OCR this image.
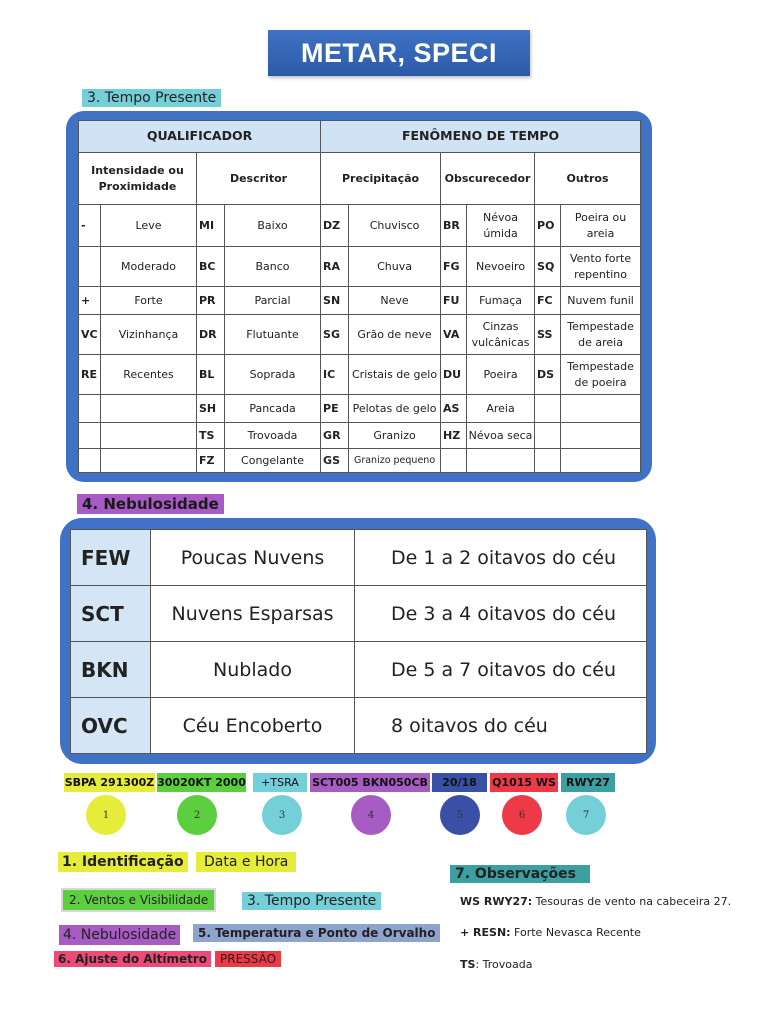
METAR, SPECI
3. Tempo Presente
QUALIFICADOR				FENÔMENO DE TEMPO					
Intensidade ou Proximidade		Descritor		Precipitação		Obscurecedor		Outros	
-	Leve	MI	Baixo	DZ	Chuvisco	BR	Névoa úmida	PO	Poeira ou areia
	Moderado	BC	Banco	RA	Chuva	FG	Nevoeiro	SQ	Vento forte repentino
+	Forte	PR	Parcial	SN	Neve	FU	Fumaça	FC	Nuvem funil
VC	Vizinhança	DR	Flutuante	SG	Grão de neve	VA	Cinzas vulcânicas	SS	Tempestade de areia
RE	Recentes	BL	Soprada	IC	Cristais de gelo	DU	Poeira	DS	Tempestade de poeira
		SH	Pancada	PE	Pelotas de gelo	AS	Areia		
		TS	Trovoada	GR	Granizo	HZ	Névoa seca		
		FZ	Congelante	GS	Granizo pequeno				
4. Nebulosidade
FEW	Poucas Nuvens	De 1 a 2 oitavos do céu
SCT	Nuvens Esparsas	De 3 a 4 oitavos do céu
BKN	Nublado	De 5 a 7 oitavos do céu
OVC	Céu Encoberto	8 oitavos do céu
SBPA 291300Z 30020KT 2000	+TSRA	SCT005 BKN050CB	20/18	Q1015 WS RWY27
1	2	3	4	5	6	7
1. Identificação	Data e Hora
2. Ventos e Visibilidade	3. Tempo Presente
4. Nebulosidade	5. Temperatura e Ponto de Orvalho
6. Ajuste do Altímetro	PRESSÃO
7. Observações
WS RWY27: Tesouras de vento na cabeceira 27.
+ RESN: Forte Nevasca Recente
TS: Trovoada
